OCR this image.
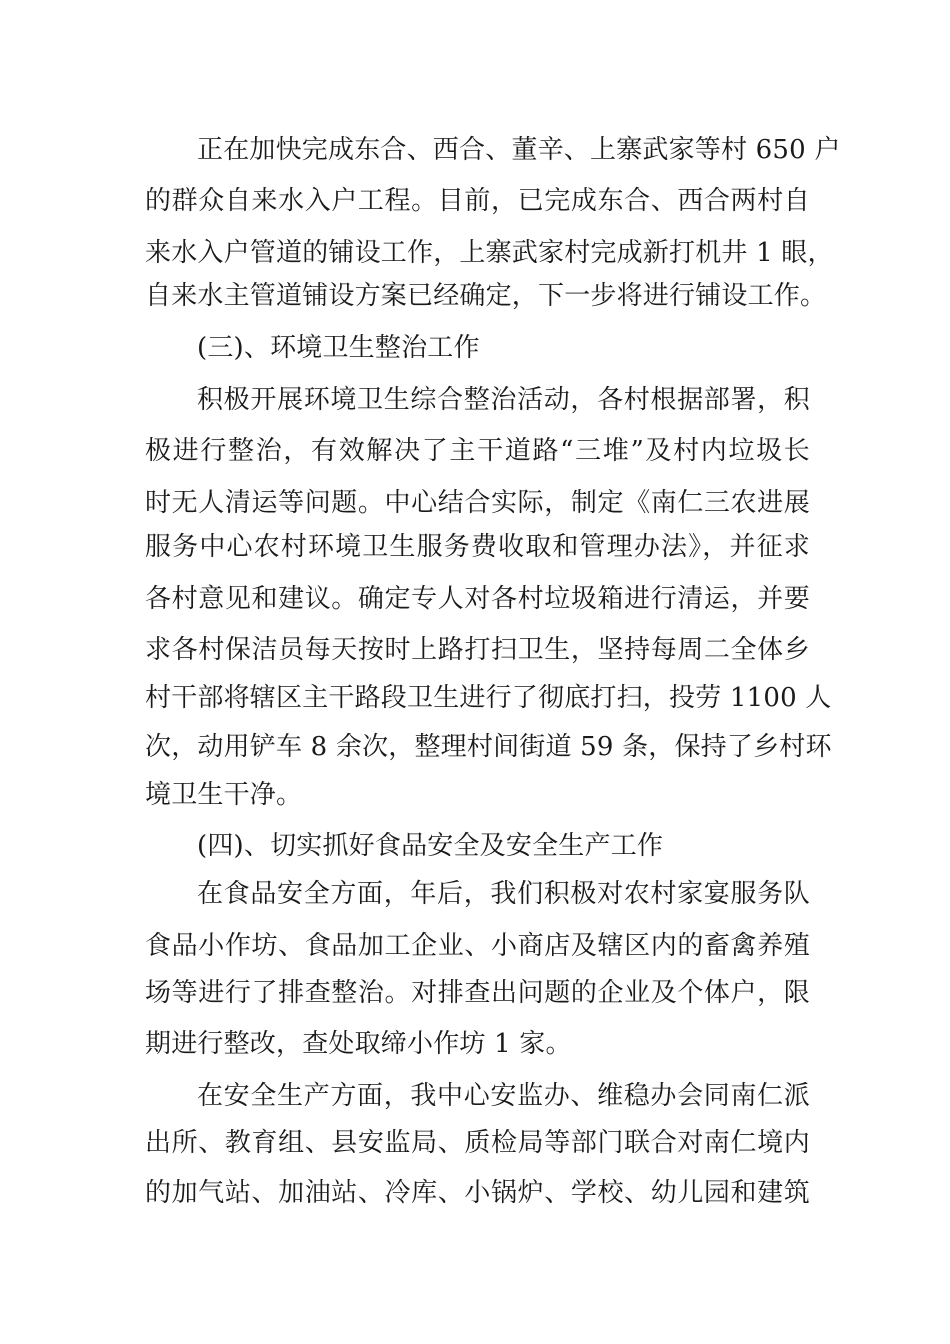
正在加快完成东合、西合、董辛、上寨武家等村 650 户
的群众自来水入户工程。目前，已完成东合、西合两村自
来水入户管道的铺设工作，上寨武家村完成新打机井 1 眼，
自来水主管道铺设方案已经确定，下一步将进行铺设工作。
(三)、环境卫生整治工作
积极开展环境卫生综合整治活动，各村根据部署，积
极进行整治，有效解决了主干道路“三堆”及村内垃圾长
时无人清运等问题。中心结合实际，制定《南仁三农进展
服务中心农村环境卫生服务费收取和管理办法》，并征求
各村意见和建议。确定专人对各村垃圾箱进行清运，并要
求各村保洁员每天按时上路打扫卫生，坚持每周二全体乡
村干部将辖区主干路段卫生进行了彻底打扫，投劳 1100 人
次，动用铲车 8 余次，整理村间街道 59 条，保持了乡村环
境卫生干净。
(四)、切实抓好食品安全及安全生产工作
在食品安全方面，年后，我们积极对农村家宴服务队
食品小作坊、食品加工企业、小商店及辖区内的畜禽养殖
场等进行了排查整治。对排查出问题的企业及个体户，限
期进行整改，查处取缔小作坊 1 家。
在安全生产方面，我中心安监办、维稳办会同南仁派
出所、教育组、县安监局、质检局等部门联合对南仁境内
的加气站、加油站、冷库、小锅炉、学校、幼儿园和建筑
